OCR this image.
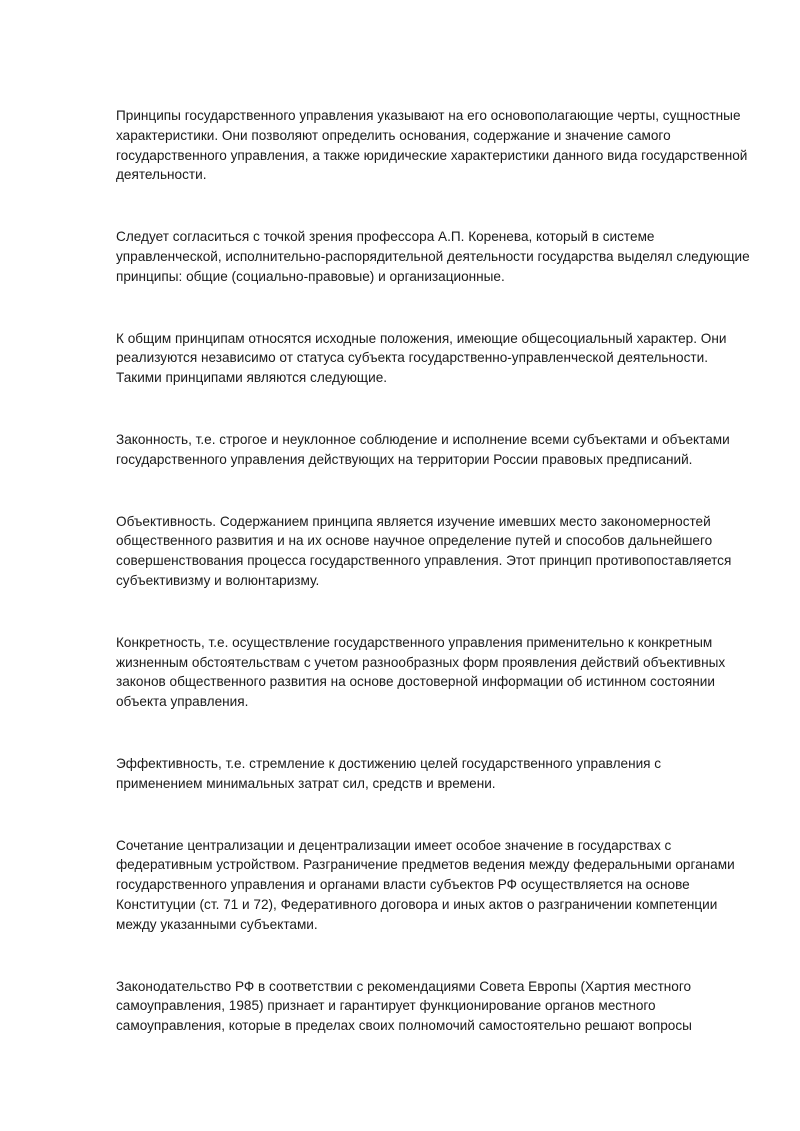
Принципы государственного управления указывают на его основополагающие черты, сущностные характеристики. Они позволяют определить основания, содержание и значение самого государственного управления, а также юридические характеристики данного вида государственной деятельности.

Следует согласиться с точкой зрения профессора А.П. Коренева, который в системе управленческой, исполнительно-распорядительной деятельности государства выделял следующие принципы: общие (социально-правовые) и организационные.

К общим принципам относятся исходные положения, имеющие общесоциальный характер. Они реализуются независимо от статуса субъекта государственно-управленческой деятельности. Такими принципами являются следующие.

Законность, т.е. строгое и неуклонное соблюдение и исполнение всеми субъектами и объектами государственного управления действующих на территории России правовых предписаний.

Объективность. Содержанием принципа является изучение имевших место закономерностей общественного развития и на их основе научное определение путей и способов дальнейшего совершенствования процесса государственного управления. Этот принцип противопоставляется субъективизму и волюнтаризму.

Конкретность, т.е. осуществление государственного управления применительно к конкретным жизненным обстоятельствам с учетом разнообразных форм проявления действий объективных законов общественного развития на основе достоверной информации об истинном состоянии объекта управления.

Эффективность, т.е. стремление к достижению целей государственного управления с применением минимальных затрат сил, средств и времени.

Сочетание централизации и децентрализации имеет особое значение в государствах с федеративным устройством. Разграничение предметов ведения между федеральными органами государственного управления и органами власти субъектов РФ осуществляется на основе Конституции (ст. 71 и 72), Федеративного договора и иных актов о разграничении компетенции между указанными субъектами.

Законодательство РФ в соответствии с рекомендациями Совета Европы (Хартия местного самоуправления, 1985) признает и гарантирует функционирование органов местного самоуправления, которые в пределах своих полномочий самостоятельно решают вопросы
